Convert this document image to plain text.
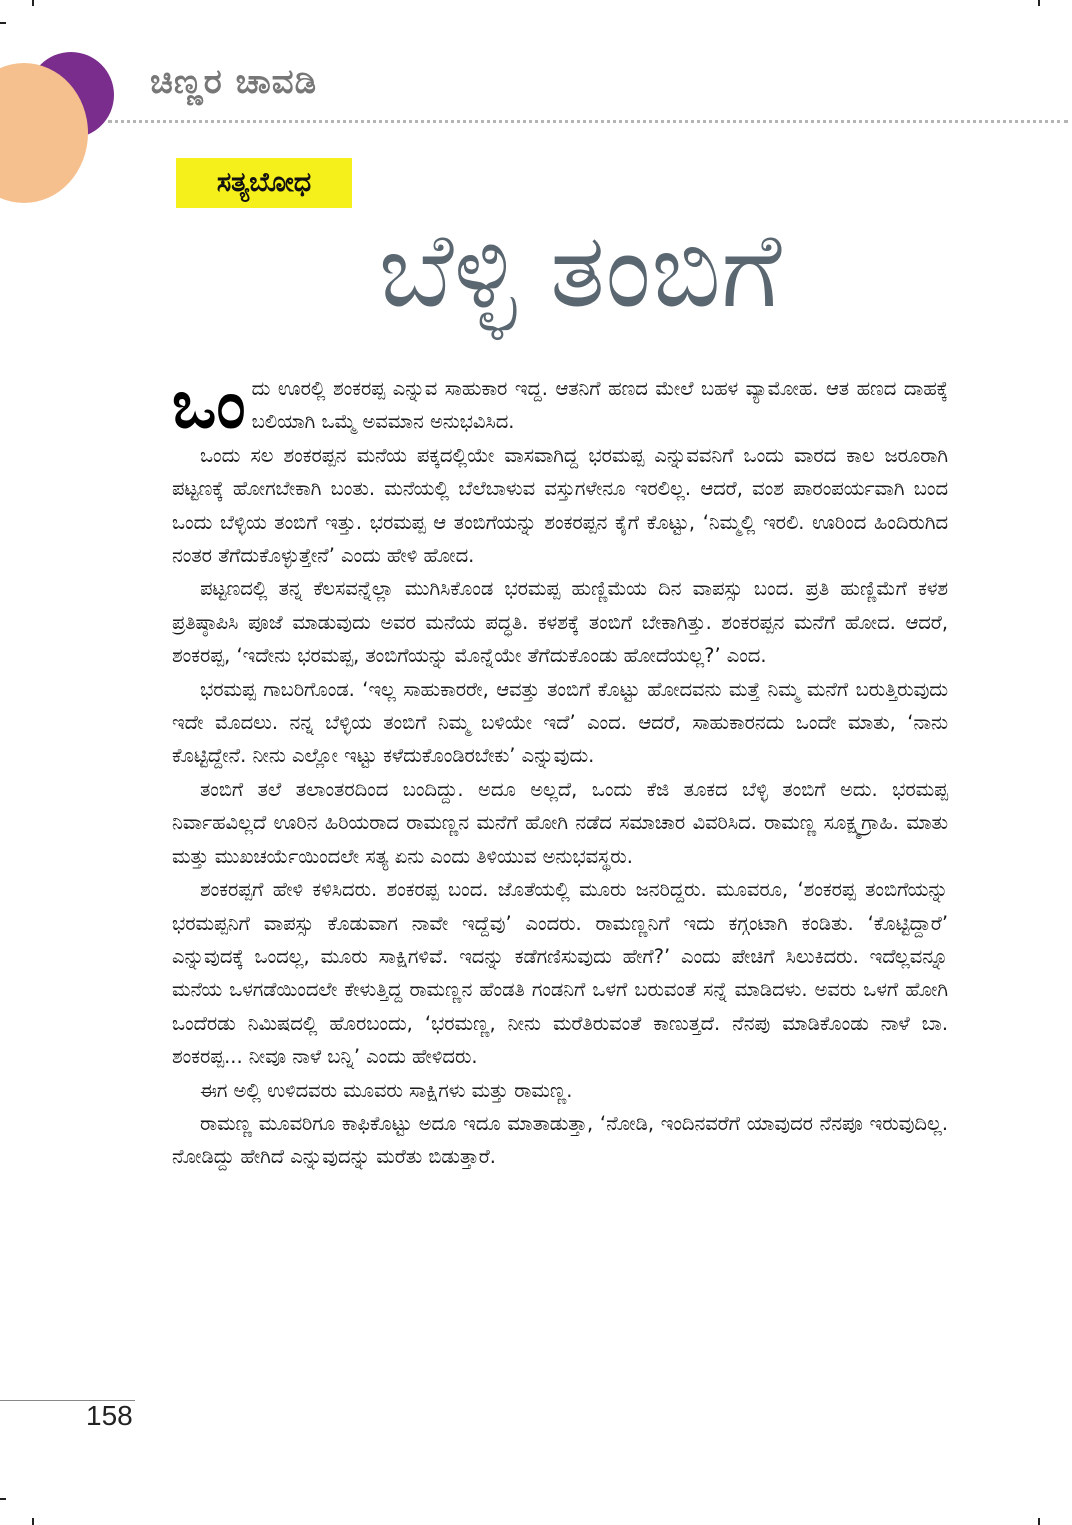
ಚಿಣ್ಣರ ಚಾವಡಿ
ಸತ್ಯಬೋಧ
ಬೆಳ್ಳಿ ತಂಬಿಗೆ

ಒಂದು ಊರಲ್ಲಿ ಶಂಕರಪ್ಪ ಎನ್ನುವ ಸಾಹುಕಾರ ಇದ್ದ. ಆತನಿಗೆ ಹಣದ ಮೇಲೆ ಬಹಳ ವ್ಯಾಮೋಹ. ಆತ ಹಣದ ದಾಹಕ್ಕೆ ಬಲಿಯಾಗಿ ಒಮ್ಮೆ ಅವಮಾನ ಅನುಭವಿಸಿದ.

ಒಂದು ಸಲ ಶಂಕರಪ್ಪನ ಮನೆಯ ಪಕ್ಕದಲ್ಲಿಯೇ ವಾಸವಾಗಿದ್ದ ಭರಮಪ್ಪ ಎನ್ನುವವನಿಗೆ ಒಂದು ವಾರದ ಕಾಲ ಜರೂರಾಗಿ ಪಟ್ಟಣಕ್ಕೆ ಹೋಗಬೇಕಾಗಿ ಬಂತು. ಮನೆಯಲ್ಲಿ ಬೆಲೆಬಾಳುವ ವಸ್ತುಗಳೇನೂ ಇರಲಿಲ್ಲ. ಆದರೆ, ವಂಶ ಪಾರಂಪರ್ಯವಾಗಿ ಬಂದ ಒಂದು ಬೆಳ್ಳಿಯ ತಂಬಿಗೆ ಇತ್ತು. ಭರಮಪ್ಪ ಆ ತಂಬಿಗೆಯನ್ನು ಶಂಕರಪ್ಪನ ಕೈಗೆ ಕೊಟ್ಟು, ‘ನಿಮ್ಮಲ್ಲಿ ಇರಲಿ. ಊರಿಂದ ಹಿಂದಿರುಗಿದ ನಂತರ ತೆಗೆದುಕೊಳ್ಳುತ್ತೇನೆ’ ಎಂದು ಹೇಳಿ ಹೋದ.

ಪಟ್ಟಣದಲ್ಲಿ ತನ್ನ ಕೆಲಸವನ್ನೆಲ್ಲಾ ಮುಗಿಸಿಕೊಂಡ ಭರಮಪ್ಪ ಹುಣ್ಣಿಮೆಯ ದಿನ ವಾಪಸ್ಸು ಬಂದ. ಪ್ರತಿ ಹುಣ್ಣಿಮೆಗೆ ಕಳಶ ಪ್ರತಿಷ್ಠಾಪಿಸಿ ಪೂಜೆ ಮಾಡುವುದು ಅವರ ಮನೆಯ ಪದ್ಧತಿ. ಕಳಶಕ್ಕೆ ತಂಬಿಗೆ ಬೇಕಾಗಿತ್ತು. ಶಂಕರಪ್ಪನ ಮನೆಗೆ ಹೋದ. ಆದರೆ, ಶಂಕರಪ್ಪ, ‘ಇದೇನು ಭರಮಪ್ಪ, ತಂಬಿಗೆಯನ್ನು ಮೊನ್ನೆಯೇ ತೆಗೆದುಕೊಂಡು ಹೋದೆಯಲ್ಲ?’ ಎಂದ.

ಭರಮಪ್ಪ ಗಾಬರಿಗೊಂಡ. ‘ಇಲ್ಲ ಸಾಹುಕಾರರೇ, ಆವತ್ತು ತಂಬಿಗೆ ಕೊಟ್ಟು ಹೋದವನು ಮತ್ತೆ ನಿಮ್ಮ ಮನೆಗೆ ಬರುತ್ತಿರುವುದು ಇದೇ ಮೊದಲು. ನನ್ನ ಬೆಳ್ಳಿಯ ತಂಬಿಗೆ ನಿಮ್ಮ ಬಳಿಯೇ ಇದೆ’ ಎಂದ. ಆದರೆ, ಸಾಹುಕಾರನದು ಒಂದೇ ಮಾತು, ‘ನಾನು ಕೊಟ್ಟಿದ್ದೇನೆ. ನೀನು ಎಲ್ಲೋ ಇಟ್ಟು ಕಳೆದುಕೊಂಡಿರಬೇಕು’ ಎನ್ನುವುದು.

ತಂಬಿಗೆ ತಲೆ ತಲಾಂತರದಿಂದ ಬಂದಿದ್ದು. ಅದೂ ಅಲ್ಲದೆ, ಒಂದು ಕೆಜಿ ತೂಕದ ಬೆಳ್ಳಿ ತಂಬಿಗೆ ಅದು. ಭರಮಪ್ಪ ನಿರ್ವಾಹವಿಲ್ಲದೆ ಊರಿನ ಹಿರಿಯರಾದ ರಾಮಣ್ಣನ ಮನೆಗೆ ಹೋಗಿ ನಡೆದ ಸಮಾಚಾರ ವಿವರಿಸಿದ. ರಾಮಣ್ಣ ಸೂಕ್ಷ್ಮಗ್ರಾಹಿ. ಮಾತು ಮತ್ತು ಮುಖಚರ್ಯೆಯಿಂದಲೇ ಸತ್ಯ ಏನು ಎಂದು ತಿಳಿಯುವ ಅನುಭವಸ್ಥರು.

ಶಂಕರಪ್ಪಗೆ ಹೇಳಿ ಕಳಿಸಿದರು. ಶಂಕರಪ್ಪ ಬಂದ. ಜೊತೆಯಲ್ಲಿ ಮೂರು ಜನರಿದ್ದರು. ಮೂವರೂ, ‘ಶಂಕರಪ್ಪ ತಂಬಿಗೆಯನ್ನು ಭರಮಪ್ಪನಿಗೆ ವಾಪಸ್ಸು ಕೊಡುವಾಗ ನಾವೇ ಇದ್ದೆವು’ ಎಂದರು. ರಾಮಣ್ಣನಿಗೆ ಇದು ಕಗ್ಗಂಟಾಗಿ ಕಂಡಿತು. ‘ಕೊಟ್ಟಿದ್ದಾರೆ’ ಎನ್ನುವುದಕ್ಕೆ ಒಂದಲ್ಲ, ಮೂರು ಸಾಕ್ಷಿಗಳಿವೆ. ಇದನ್ನು ಕಡೆಗಣಿಸುವುದು ಹೇಗೆ?’ ಎಂದು ಪೇಚಿಗೆ ಸಿಲುಕಿದರು. ಇದೆಲ್ಲವನ್ನೂ ಮನೆಯ ಒಳಗಡೆಯಿಂದಲೇ ಕೇಳುತ್ತಿದ್ದ ರಾಮಣ್ಣನ ಹೆಂಡತಿ ಗಂಡನಿಗೆ ಒಳಗೆ ಬರುವಂತೆ ಸನ್ನೆ ಮಾಡಿದಳು. ಅವರು ಒಳಗೆ ಹೋಗಿ ಒಂದೆರಡು ನಿಮಿಷದಲ್ಲಿ ಹೊರಬಂದು, ‘ಭರಮಣ್ಣ, ನೀನು ಮರೆತಿರುವಂತೆ ಕಾಣುತ್ತದೆ. ನೆನಪು ಮಾಡಿಕೊಂಡು ನಾಳೆ ಬಾ. ಶಂಕರಪ್ಪ... ನೀವೂ ನಾಳೆ ಬನ್ನಿ’ ಎಂದು ಹೇಳಿದರು.

ಈಗ ಅಲ್ಲಿ ಉಳಿದವರು ಮೂವರು ಸಾಕ್ಷಿಗಳು ಮತ್ತು ರಾಮಣ್ಣ.

ರಾಮಣ್ಣ ಮೂವರಿಗೂ ಕಾಫಿಕೊಟ್ಟು ಅದೂ ಇದೂ ಮಾತಾಡುತ್ತಾ, ‘ನೋಡಿ, ಇಂದಿನವರೆಗೆ ಯಾವುದರ ನೆನಪೂ ಇರುವುದಿಲ್ಲ. ನೋಡಿದ್ದು ಹೇಗಿದೆ ಎನ್ನುವುದನ್ನು ಮರೆತು ಬಿಡುತ್ತಾರೆ.

158
